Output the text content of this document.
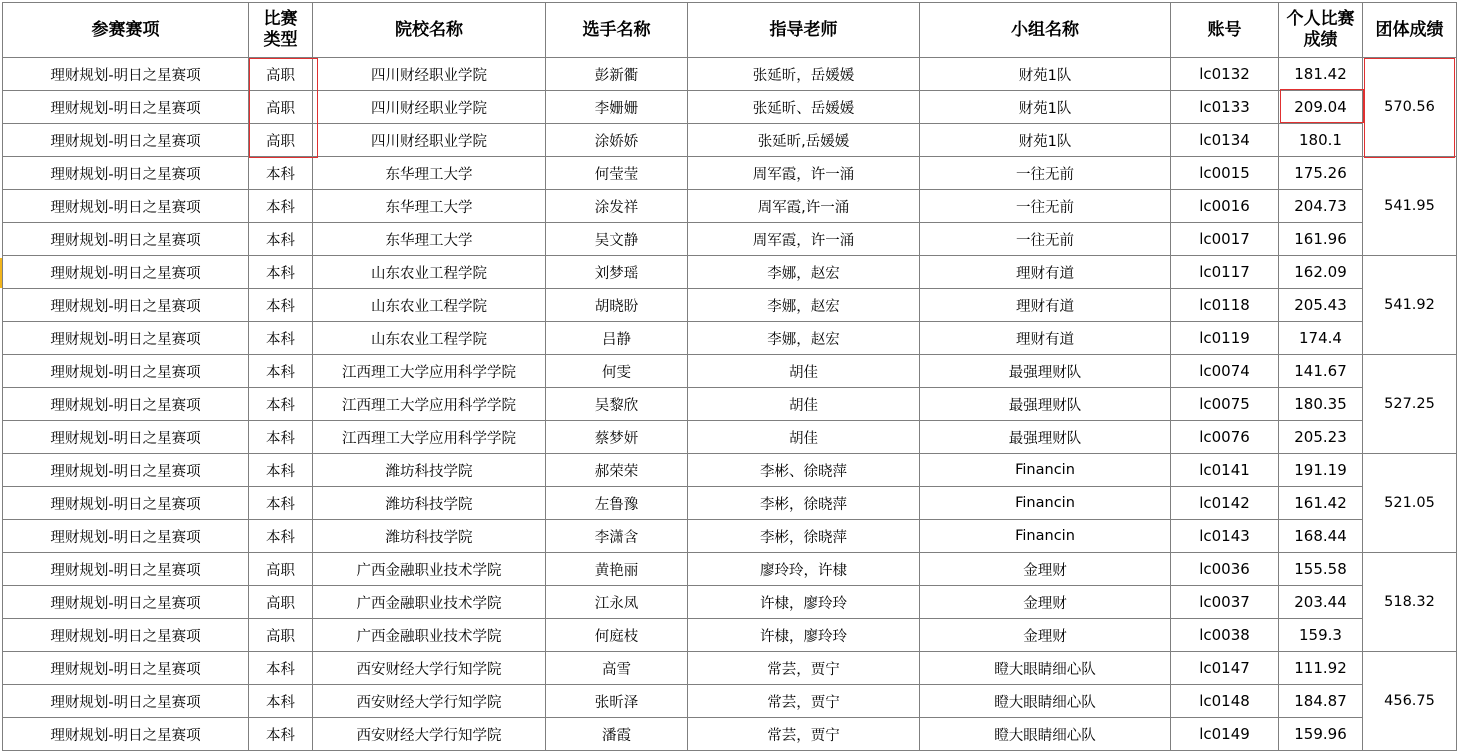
参赛赛项	比赛类型	院校名称	选手名称	指导老师	小组名称	账号	个人比赛成绩	团体成绩
理财规划-明日之星赛项	高职	四川财经职业学院	彭新衢	张延昕，岳媛媛	财苑1队	lc0132	181.42	570.56
理财规划-明日之星赛项	高职	四川财经职业学院	李姗姗	张延昕、岳媛媛	财苑1队	lc0133	209.04	
理财规划-明日之星赛项	高职	四川财经职业学院	涂娇娇	张延昕,岳媛媛	财苑1队	lc0134	180.1	
理财规划-明日之星赛项	本科	东华理工大学	何莹莹	周军霞，许一涌	一往无前	lc0015	175.26	541.95
理财规划-明日之星赛项	本科	东华理工大学	涂发祥	周军霞,许一涌	一往无前	lc0016	204.73	
理财规划-明日之星赛项	本科	东华理工大学	吴文静	周军霞，许一涌	一往无前	lc0017	161.96	
理财规划-明日之星赛项	本科	山东农业工程学院	刘梦瑶	李娜，赵宏	理财有道	lc0117	162.09	541.92
理财规划-明日之星赛项	本科	山东农业工程学院	胡晓盼	李娜，赵宏	理财有道	lc0118	205.43	
理财规划-明日之星赛项	本科	山东农业工程学院	吕静	李娜，赵宏	理财有道	lc0119	174.4	
理财规划-明日之星赛项	本科	江西理工大学应用科学学院	何雯	胡佳	最强理财队	lc0074	141.67	527.25
理财规划-明日之星赛项	本科	江西理工大学应用科学学院	吴黎欣	胡佳	最强理财队	lc0075	180.35	
理财规划-明日之星赛项	本科	江西理工大学应用科学学院	蔡梦妍	胡佳	最强理财队	lc0076	205.23	
理财规划-明日之星赛项	本科	潍坊科技学院	郝荣荣	李彬、徐晓萍	Financin	lc0141	191.19	521.05
理财规划-明日之星赛项	本科	潍坊科技学院	左鲁豫	李彬，徐晓萍	Financin	lc0142	161.42	
理财规划-明日之星赛项	本科	潍坊科技学院	李潇含	李彬，徐晓萍	Financin	lc0143	168.44	
理财规划-明日之星赛项	高职	广西金融职业技术学院	黄艳丽	廖玲玲，许棣	金理财	lc0036	155.58	518.32
理财规划-明日之星赛项	高职	广西金融职业技术学院	江永凤	许棣，廖玲玲	金理财	lc0037	203.44	
理财规划-明日之星赛项	高职	广西金融职业技术学院	何庭枝	许棣，廖玲玲	金理财	lc0038	159.3	
理财规划-明日之星赛项	本科	西安财经大学行知学院	高雪	常芸，贾宁	瞪大眼睛细心队	lc0147	111.92	456.75
理财规划-明日之星赛项	本科	西安财经大学行知学院	张昕泽	常芸，贾宁	瞪大眼睛细心队	lc0148	184.87	
理财规划-明日之星赛项	本科	西安财经大学行知学院	潘霞	常芸，贾宁	瞪大眼睛细心队	lc0149	159.96	
